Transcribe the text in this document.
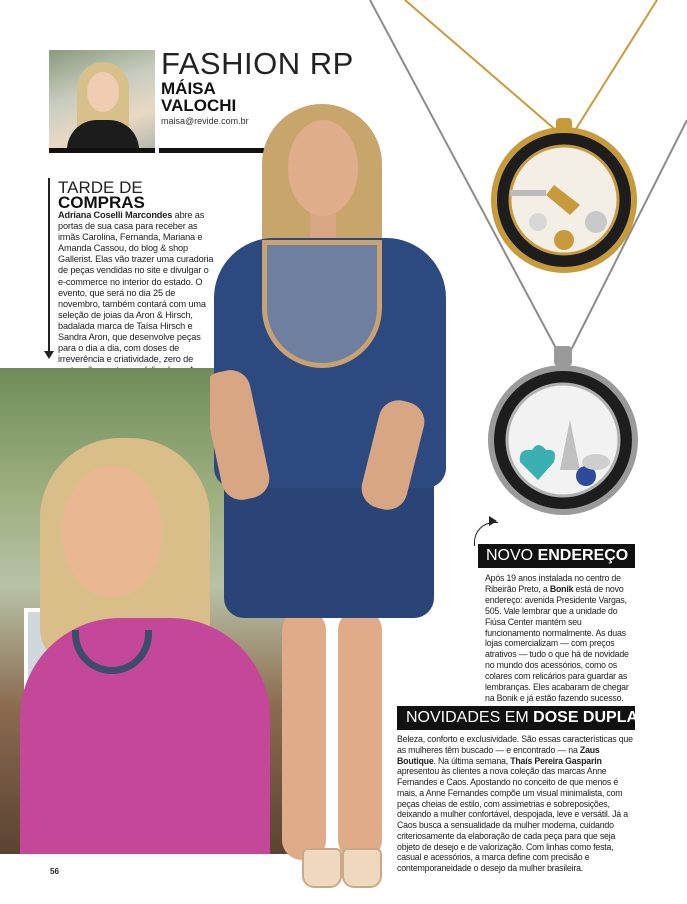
FASHION RP
MÁISA VALOCHI
maisa@revide.com.br
TARDE DE
COMPRAS

Adriana Coselli Marcondes abre as portas de sua casa para receber as irmãs Carolina, Fernanda, Mariana e Amanda Cassou, do blog & shop Gallerist. Elas vão trazer uma curadoria de peças vendidas no site e divulgar o e-commerce no interior do estado. O evento, que será no dia 25 de novembro, também contará com uma seleção de joias da Aron & Hirsch, badalada marca de Taísa Hirsch e Sandra Aron, que desenvolve peças para o dia a dia, com doses de irreverência e criatividade, zero de

NOVO ENDEREÇO

Após 19 anos instalada no centro de Ribeirão Preto, a Bonik está de novo endereço: avenida Presidente Vargas, 505. Vale lembrar que a unidade do Fiúsa Center mantém seu funcionamento normalmente. As duas lojas comercializam — com preços atrativos — tudo o que há de novidade no mundo dos acessórios, como os colares com relicários para guardar as lembranças. Eles acabaram de chegar na Bonik e já estão fazendo sucesso.

NOVIDADES EM DOSE DUPLA

Beleza, conforto e exclusividade. São essas características que as mulheres têm buscado — e encontrado — na Zaus Boutique. Na última semana, Thaís Pereira Gasparin apresentou às clientes a nova coleção das marcas Anne Fernandes e Caos. Apostando no conceito de que menos é mais, a Anne Fernandes compõe um visual minimalista, com peças cheias de estilo, com assimetrias e sobreposições, deixando a mulher confortável, despojada, leve e versátil. Já a Caos busca a sensualidade da mulher moderna, cuidando criteriosamente da elaboração de cada peça para que seja objeto de desejo e de valorização. Com linhas como festa, casual e acessórios, a marca define com precisão e contemporaneidade o desejo da mulher brasileira.

56
